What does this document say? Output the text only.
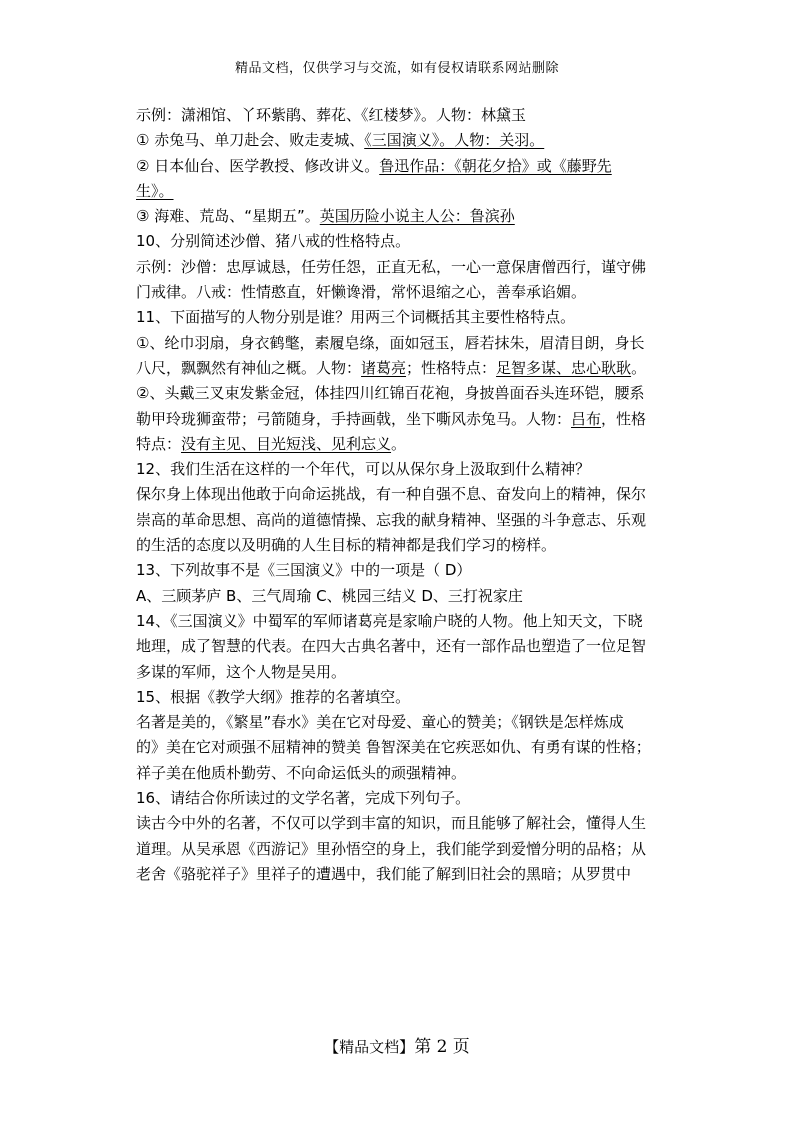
精品文档，仅供学习与交流，如有侵权请联系网站删除
示例：潇湘馆、丫环紫鹃、葬花、《红楼梦》。人物：林黛玉
① 赤兔马、单刀赴会、败走麦城、《三国演义》。人物：关羽。
② 日本仙台、医学教授、修改讲义。鲁迅作品：《朝花夕拾》或《藤野先
生》。
③ 海难、荒岛、“星期五”。英国历险小说主人公：鲁滨孙
10、分别简述沙僧、猪八戒的性格特点。
示例：沙僧：忠厚诚恳，任劳任怨，正直无私，一心一意保唐僧西行，谨守佛
门戒律。八戒：性情憨直，奸懒谗滑，常怀退缩之心，善奉承谄媚。
11、下面描写的人物分别是谁？用两三个词概括其主要性格特点。
①、纶巾羽扇，身衣鹤氅，素履皂绦，面如冠玉，唇若抹朱，眉清目朗，身长
八尺，飘飘然有神仙之概。人物：诸葛亮；性格特点：足智多谋、忠心耿耿。
②、头戴三叉束发紫金冠，体挂四川红锦百花袍，身披兽面吞头连环铠，腰系
勒甲玲珑狮蛮带；弓箭随身，手持画戟，坐下嘶风赤兔马。人物：吕布，性格
特点：没有主见、目光短浅、见利忘义。
12、我们生活在这样的一个年代，可以从保尔身上汲取到什么精神？
保尔身上体现出他敢于向命运挑战，有一种自强不息、奋发向上的精神，保尔
崇高的革命思想、高尚的道德情操、忘我的献身精神、坚强的斗争意志、乐观
的生活的态度以及明确的人生目标的精神都是我们学习的榜样。
13、下列故事不是《三国演义》中的一项是（ D）
A、三顾茅庐 B、三气周瑜 C、桃园三结义 D、三打祝家庄
14、《三国演义》中蜀军的军师诸葛亮是家喻户晓的人物。他上知天文，下晓
地理，成了智慧的代表。在四大古典名著中，还有一部作品也塑造了一位足智
多谋的军师，这个人物是吴用。
15、根据《教学大纲》推荐的名著填空。
名著是美的，《繁星”春水》美在它对母爱、童心的赞美；《钢铁是怎样炼成
的》美在它对顽强不屈精神的赞美 鲁智深美在它疾恶如仇、有勇有谋的性格；
祥子美在他质朴勤劳、不向命运低头的顽强精神。
16、请结合你所读过的文学名著，完成下列句子。
读古今中外的名著，不仅可以学到丰富的知识，而且能够了解社会，懂得人生
道理。从吴承恩《西游记》里孙悟空的身上，我们能学到爱憎分明的品格；从
老舍《骆驼祥子》里祥子的遭遇中，我们能了解到旧社会的黑暗；从罗贯中
【精品文档】第 2 页
